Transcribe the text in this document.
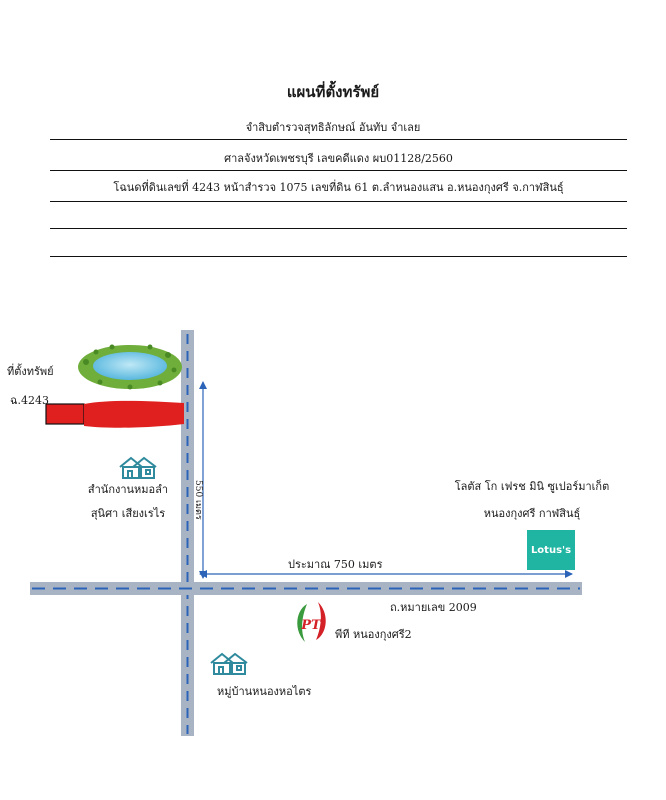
แผนที่ตั้งทรัพย์
จำสิบตำรวจสุทธิลักษณ์ อันทับ จำเลย
ศาลจังหวัดเพชรบุรี เลขคดีแดง ผบ01128/2560
โฉนดที่ดินเลขที่ 4243 หน้าสำรวจ 1075 เลขที่ดิน 61 ต.ลำหนองแสน อ.หนองกุงศรี จ.กาฬสินธุ์
Lotus's
PT
ที่ตั้งทรัพย์
ฉ.4243
สำนักงานหมอลำ
สุนิศา เสียงเรไร	550 เมตร
ประมาณ 750 เมตร
โลตัส โก เฟรช มินิ ซูเปอร์มาเก็ต
หนองกุงศรี กาฬสินธุ์
ถ.หมายเลข 2009
พีที หนองกุงศรี2
หมู่บ้านหนองหอไตร
